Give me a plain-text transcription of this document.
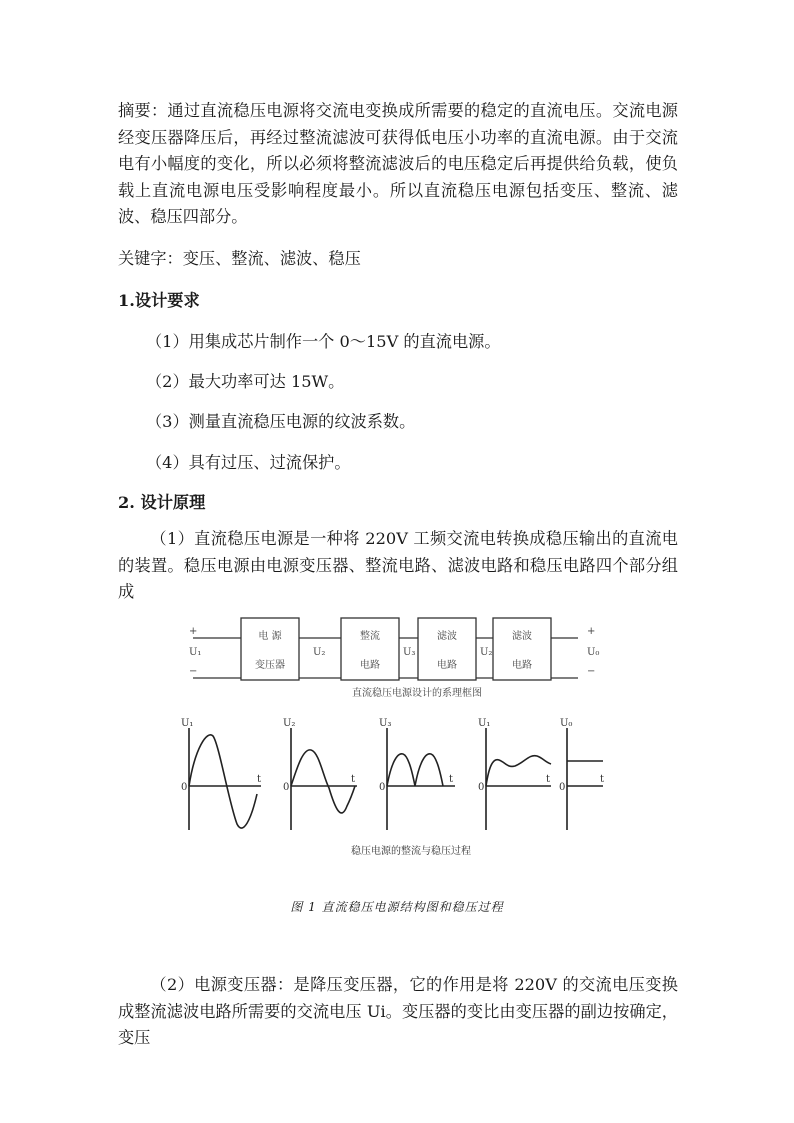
摘要：通过直流稳压电源将交流电变换成所需要的稳定的直流电压。交流电源经变压器降压后，再经过整流滤波可获得低电压小功率的直流电源。由于交流电有小幅度的变化，所以必须将整流滤波后的电压稳定后再提供给负载，使负载上直流电源电压受影响程度最小。所以直流稳压电源包括变压、整流、滤波、稳压四部分。

关键字：变压、整流、滤波、稳压

1.设计要求

（1）用集成芯片制作一个 0～15V 的直流电源。

（2）最大功率可达 15W。

（3）测量直流稳压电源的纹波系数。

（4）具有过压、过流保护。

2. 设计原理

（1）直流稳压电源是一种将 220V 工频交流电转换成稳压输出的直流电的装置。稳压电源由电源变压器、整流电路、滤波电路和稳压电路四个部分组成

电 源
变压器
整流
电路
滤波
电路
滤波
电路
+
U₁
−
U₂	U₃	U₂
+
U₀
−
直流稳压电源设计的系理框图
U₁	U₂	U₃	U₁	U₀
0	0	0	0	0
t	t	t	t	t
稳压电源的整流与稳压过程
图 1 直流稳压电源结构图和稳压过程

（2）电源变压器：是降压变压器，它的作用是将 220V 的交流电压变换成整流滤波电路所需要的交流电压 Ui。变压器的变比由变压器的副边按确定，变压
